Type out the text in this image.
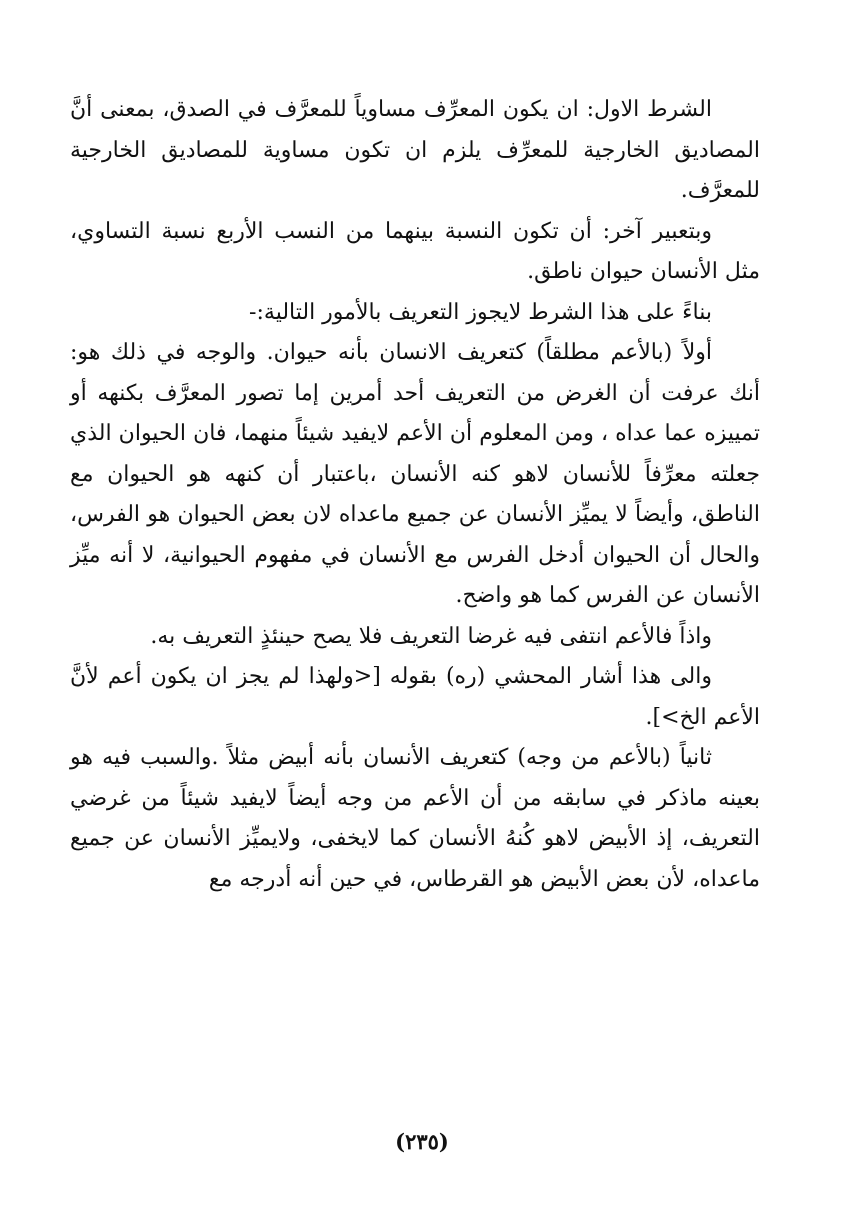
الشرط الاول: ان يكون المعرِّف مساوياً للمعرَّف في الصدق، بمعنى أنَّ المصاديق الخارجية للمعرِّف يلزم ان تكون مساوية للمصاديق الخارجية للمعرَّف.

وبتعبير آخر: أن تكون النسبة بينهما من النسب الأربع نسبة التساوي، مثل الأنسان حيوان ناطق.

بناءً على هذا الشرط لايجوز التعريف بالأمور التالية:-

أولاً (بالأعم مطلقاً) كتعريف الانسان بأنه حيوان. والوجه في ذلك هو: أنك عرفت أن الغرض من التعريف أحد أمرين إما تصور المعرَّف بكنهه أو تمييزه عما عداه ، ومن المعلوم أن الأعم لايفيد شيئاً منهما، فان الحيوان الذي جعلته معرِّفاً للأنسان لاهو كنه الأنسان ،باعتبار أن كنهه هو الحيوان مع الناطق، وأيضاً لا يميِّز الأنسان عن جميع ماعداه لان بعض الحيوان هو الفرس، والحال أن الحيوان أدخل الفرس مع الأنسان في مفهوم الحيوانية، لا أنه ميِّز الأنسان عن الفرس كما هو واضح.

واذاً فالأعم انتفى فيه غرضا التعريف فلا يصح حينئذٍ التعريف به.

والى هذا أشار المحشي (ره) بقوله [<ولهذا لم يجز ان يكون أعم لأنَّ الأعم الخ>].

ثانياً (بالأعم من وجه) كتعريف الأنسان بأنه أبيض مثلاً .والسبب فيه هو بعينه ماذكر في سابقه من أن الأعم من وجه أيضاً لايفيد شيئاً من غرضي التعريف، إذ الأبيض لاهو كُنهُ الأنسان كما لايخفى، ولايميِّز الأنسان عن جميع ماعداه، لأن بعض الأبيض هو القرطاس، في حين أنه أدرجه مع

(٢٣٥)
